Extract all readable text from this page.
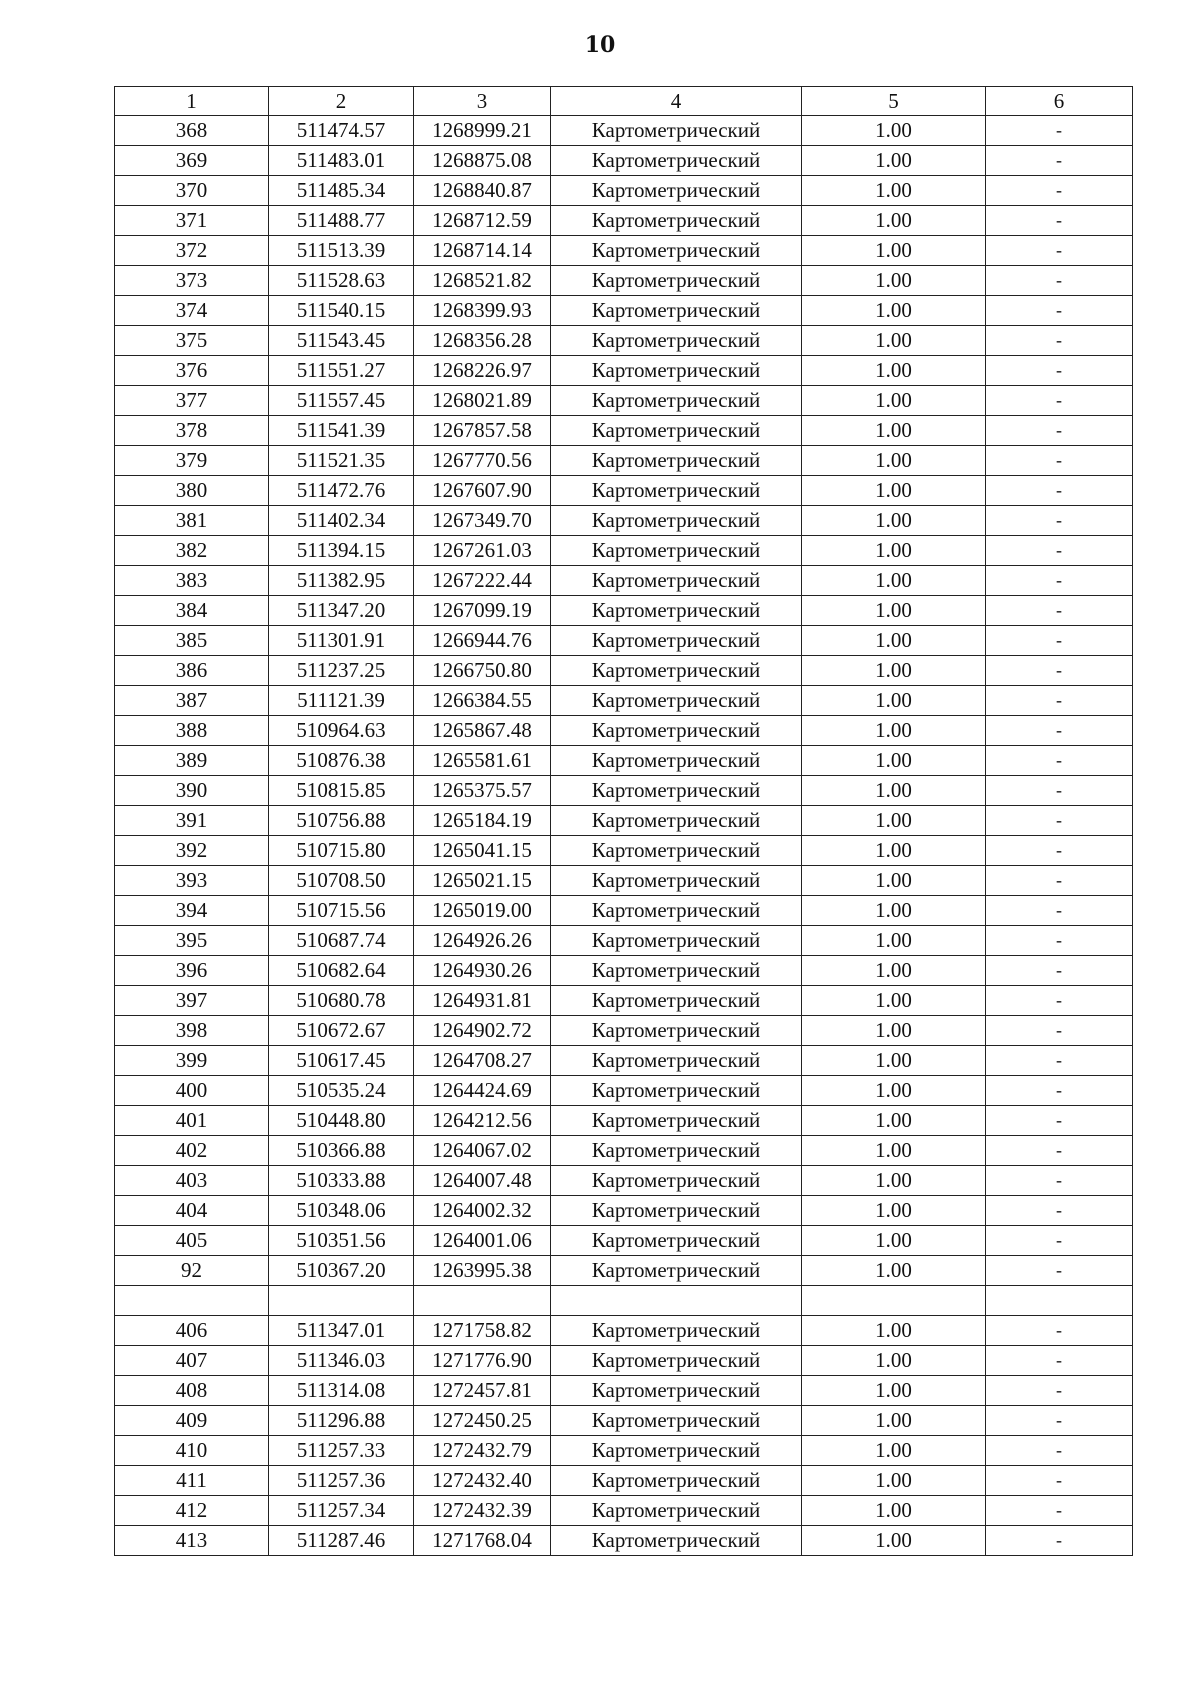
10
1	2	3	4	5	6
368	511474.57	1268999.21	Картометрический	1.00	-
369	511483.01	1268875.08	Картометрический	1.00	-
370	511485.34	1268840.87	Картометрический	1.00	-
371	511488.77	1268712.59	Картометрический	1.00	-
372	511513.39	1268714.14	Картометрический	1.00	-
373	511528.63	1268521.82	Картометрический	1.00	-
374	511540.15	1268399.93	Картометрический	1.00	-
375	511543.45	1268356.28	Картометрический	1.00	-
376	511551.27	1268226.97	Картометрический	1.00	-
377	511557.45	1268021.89	Картометрический	1.00	-
378	511541.39	1267857.58	Картометрический	1.00	-
379	511521.35	1267770.56	Картометрический	1.00	-
380	511472.76	1267607.90	Картометрический	1.00	-
381	511402.34	1267349.70	Картометрический	1.00	-
382	511394.15	1267261.03	Картометрический	1.00	-
383	511382.95	1267222.44	Картометрический	1.00	-
384	511347.20	1267099.19	Картометрический	1.00	-
385	511301.91	1266944.76	Картометрический	1.00	-
386	511237.25	1266750.80	Картометрический	1.00	-
387	511121.39	1266384.55	Картометрический	1.00	-
388	510964.63	1265867.48	Картометрический	1.00	-
389	510876.38	1265581.61	Картометрический	1.00	-
390	510815.85	1265375.57	Картометрический	1.00	-
391	510756.88	1265184.19	Картометрический	1.00	-
392	510715.80	1265041.15	Картометрический	1.00	-
393	510708.50	1265021.15	Картометрический	1.00	-
394	510715.56	1265019.00	Картометрический	1.00	-
395	510687.74	1264926.26	Картометрический	1.00	-
396	510682.64	1264930.26	Картометрический	1.00	-
397	510680.78	1264931.81	Картометрический	1.00	-
398	510672.67	1264902.72	Картометрический	1.00	-
399	510617.45	1264708.27	Картометрический	1.00	-
400	510535.24	1264424.69	Картометрический	1.00	-
401	510448.80	1264212.56	Картометрический	1.00	-
402	510366.88	1264067.02	Картометрический	1.00	-
403	510333.88	1264007.48	Картометрический	1.00	-
404	510348.06	1264002.32	Картометрический	1.00	-
405	510351.56	1264001.06	Картометрический	1.00	-
92	510367.20	1263995.38	Картометрический	1.00	-

406	511347.01	1271758.82	Картометрический	1.00	-
407	511346.03	1271776.90	Картометрический	1.00	-
408	511314.08	1272457.81	Картометрический	1.00	-
409	511296.88	1272450.25	Картометрический	1.00	-
410	511257.33	1272432.79	Картометрический	1.00	-
411	511257.36	1272432.40	Картометрический	1.00	-
412	511257.34	1272432.39	Картометрический	1.00	-
413	511287.46	1271768.04	Картометрический	1.00	-
